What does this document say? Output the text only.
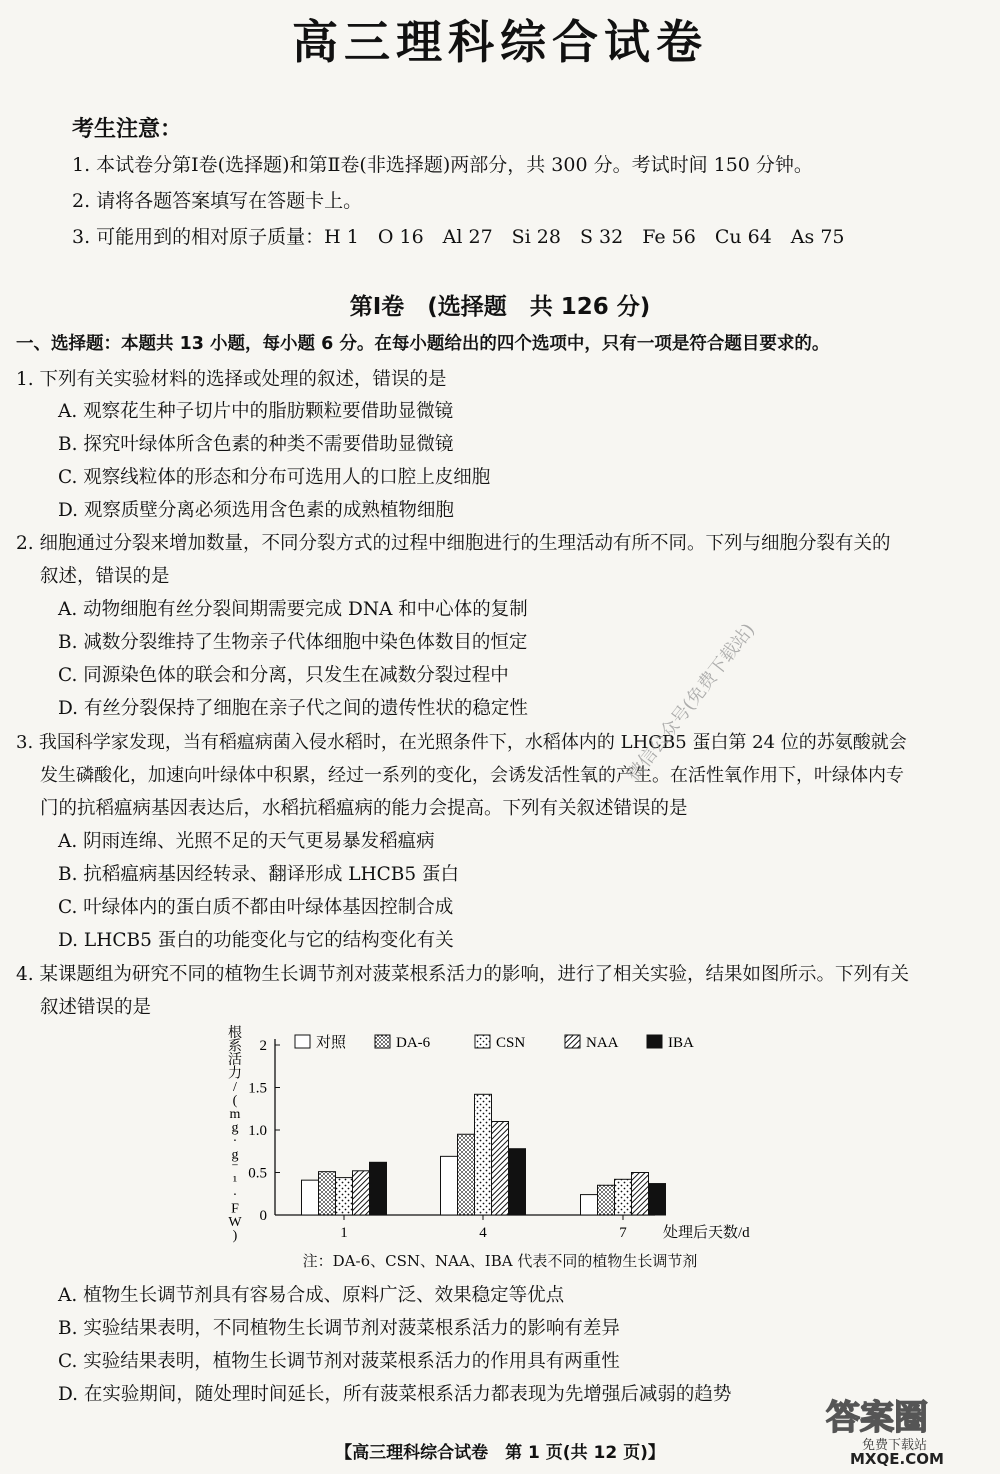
高三理科综合试卷
考生注意：
1. 本试卷分第Ⅰ卷(选择题)和第Ⅱ卷(非选择题)两部分，共 300 分。考试时间 150 分钟。
2. 请将各题答案填写在答题卡上。
3. 可能用到的相对原子质量：H 1　O 16　Al 27　Si 28　S 32　Fe 56　Cu 64　As 75
第Ⅰ卷　(选择题　共 126 分)
一、选择题：本题共 13 小题，每小题 6 分。在每小题给出的四个选项中，只有一项是符合题目要求的。
1. 下列有关实验材料的选择或处理的叙述，错误的是
A. 观察花生种子切片中的脂肪颗粒要借助显微镜
B. 探究叶绿体所含色素的种类不需要借助显微镜
C. 观察线粒体的形态和分布可选用人的口腔上皮细胞
D. 观察质壁分离必须选用含色素的成熟植物细胞
2. 细胞通过分裂来增加数量，不同分裂方式的过程中细胞进行的生理活动有所不同。下列与细胞分裂有关的
叙述，错误的是
A. 动物细胞有丝分裂间期需要完成 DNA 和中心体的复制
B. 减数分裂维持了生物亲子代体细胞中染色体数目的恒定
C. 同源染色体的联会和分离，只发生在减数分裂过程中
D. 有丝分裂保持了细胞在亲子代之间的遗传性状的稳定性
3. 我国科学家发现，当有稻瘟病菌入侵水稻时，在光照条件下，水稻体内的 LHCB5 蛋白第 24 位的苏氨酸就会
发生磷酸化，加速向叶绿体中积累，经过一系列的变化，会诱发活性氧的产生。在活性氧作用下，叶绿体内专
门的抗稻瘟病基因表达后，水稻抗稻瘟病的能力会提高。下列有关叙述错误的是
A. 阴雨连绵、光照不足的天气更易暴发稻瘟病
B. 抗稻瘟病基因经转录、翻译形成 LHCB5 蛋白
C. 叶绿体内的蛋白质不都由叶绿体基因控制合成
D. LHCB5 蛋白的功能变化与它的结构变化有关
4. 某课题组为研究不同的植物生长调节剂对菠菜根系活力的影响，进行了相关实验，结果如图所示。下列有关
叙述错误的是
0
0.5
1.0
1.5
2
根
系
活
力
/
(
m
g
·
g
⁻
¹
·
F
W
)	处理后天数/d
1	4	7
对照	DA-6	CSN	NAA	IBA
注：DA-6、CSN、NAA、IBA 代表不同的植物生长调节剂
A. 植物生长调节剂具有容易合成、原料广泛、效果稳定等优点
B. 实验结果表明，不同植物生长调节剂对菠菜根系活力的影响有差异
C. 实验结果表明，植物生长调节剂对菠菜根系活力的作用具有两重性
D. 在实验期间，随处理时间延长，所有菠菜根系活力都表现为先增强后减弱的趋势
微信公众号(免费下载站)
【高三理科综合试卷　第 1 页(共 12 页)】
答案圈
免费下载站
MXQE.COM
